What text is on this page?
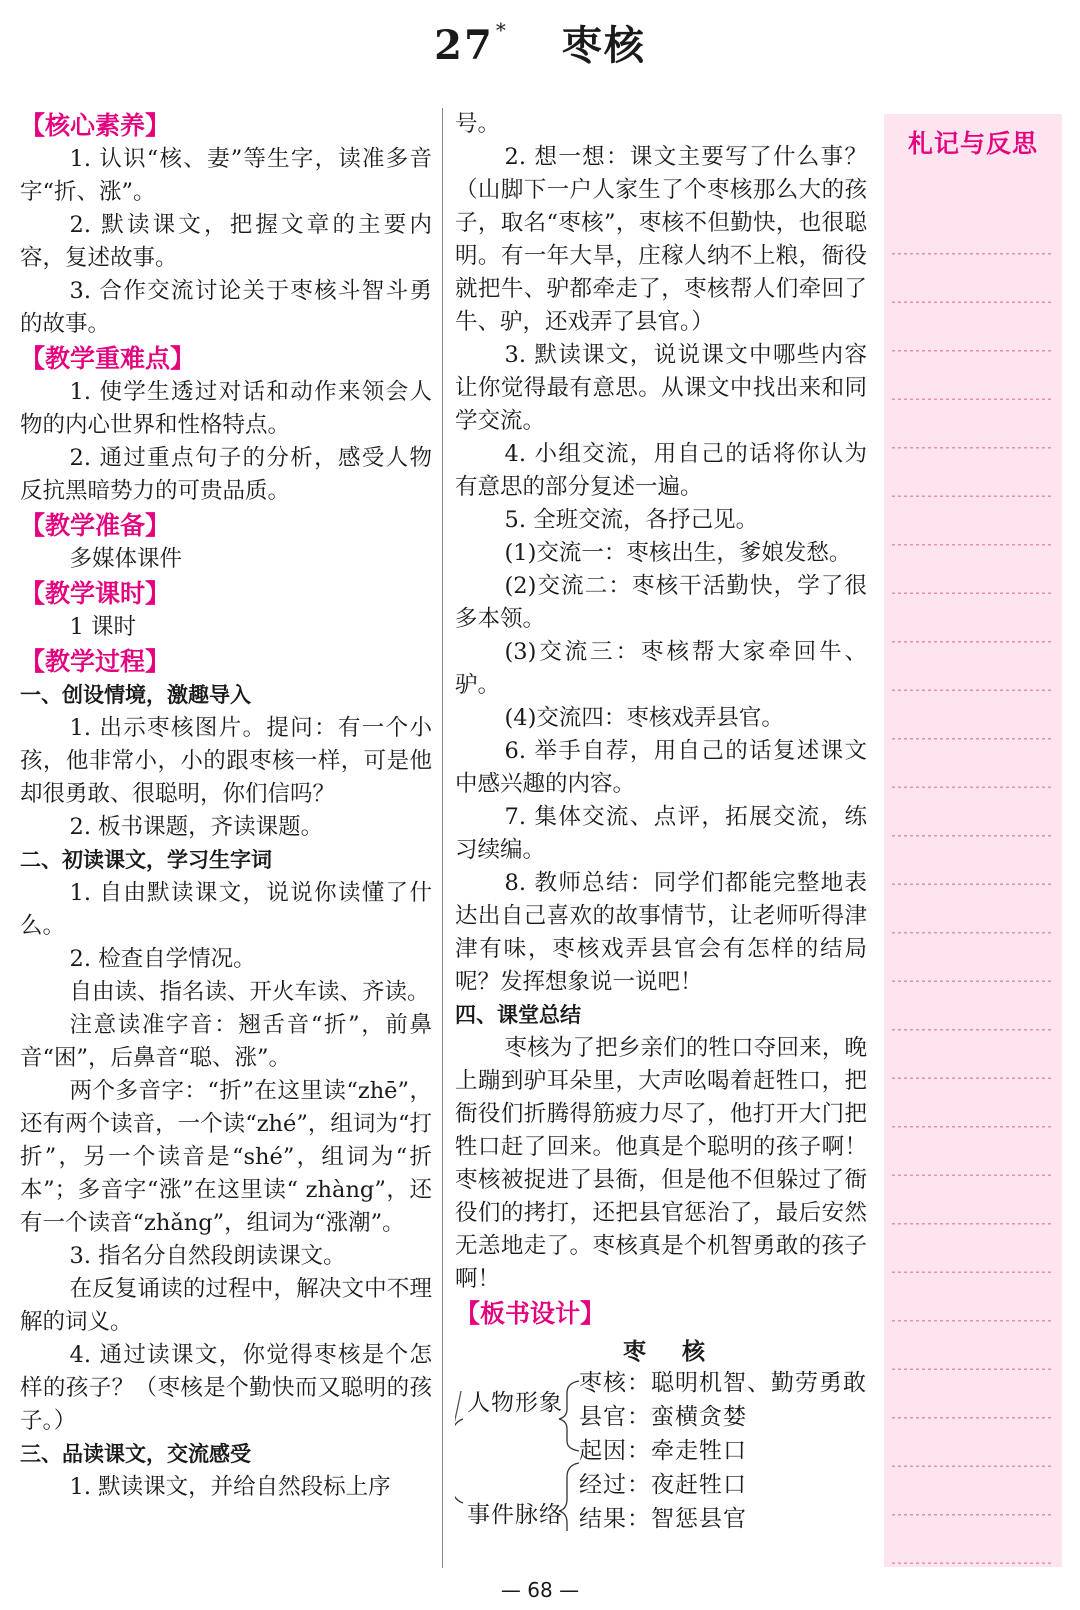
27 * 枣核

【核心素养】

1. 认识“核、妻”等生字，读准多音字“折、涨”。

2. 默读课文，把握文章的主要内容，复述故事。

3. 合作交流讨论关于枣核斗智斗勇的故事。

【教学重难点】

1. 使学生透过对话和动作来领会人物的内心世界和性格特点。

2. 通过重点句子的分析，感受人物反抗黑暗势力的可贵品质。

【教学准备】

多媒体课件

【教学课时】

1 课时

【教学过程】

一、创设情境，激趣导入

1. 出示枣核图片。提问：有一个小孩，他非常小，小的跟枣核一样，可是他却很勇敢、很聪明，你们信吗？

2. 板书课题，齐读课题。

二、初读课文，学习生字词

1. 自由默读课文，说说你读懂了什么。

2. 检查自学情况。

自由读、指名读、开火车读、齐读。

注意读准字音：翘舌音“折”，前鼻音“困”，后鼻音“聪、涨”。

两个多音字：“折”在这里读“zhē”，还有两个读音，一个读“zhé”，组词为“打折”，另一个读音是“shé”，组词为“折本”；多音字“涨”在这里读“ zhàng”，还有一个读音“zhǎng”，组词为“涨潮”。

3. 指名分自然段朗读课文。

在反复诵读的过程中，解决文中不理解的词义。

4. 通过读课文，你觉得枣核是个怎样的孩子？（枣核是个勤快而又聪明的孩子。）

三、品读课文，交流感受

1. 默读课文，并给自然段标上序

号。

2. 想一想：课文主要写了什么事？（山脚下一户人家生了个枣核那么大的孩子，取名“枣核”，枣核不但勤快，也很聪明。有一年大旱，庄稼人纳不上粮，衙役就把牛、驴都牵走了，枣核帮人们牵回了牛、驴，还戏弄了县官。）

3. 默读课文，说说课文中哪些内容让你觉得最有意思。从课文中找出来和同学交流。

4. 小组交流，用自己的话将你认为有意思的部分复述一遍。

5. 全班交流，各抒己见。

(1)交流一：枣核出生，爹娘发愁。

(2)交流二：枣核干活勤快，学了很多本领。

(3)交流三：枣核帮大家牵回牛、驴。

(4)交流四：枣核戏弄县官。

6. 举手自荐，用自己的话复述课文中感兴趣的内容。

7. 集体交流、点评，拓展交流，练习续编。

8. 教师总结：同学们都能完整地表达出自己喜欢的故事情节，让老师听得津津有味，枣核戏弄县官会有怎样的结局呢？发挥想象说一说吧！

四、课堂总结

枣核为了把乡亲们的牲口夺回来，晚上蹦到驴耳朵里，大声吆喝着赶牲口，把衙役们折腾得筋疲力尽了，他打开大门把牲口赶了回来。他真是个聪明的孩子啊！枣核被捉进了县衙，但是他不但躲过了衙役们的拷打，还把县官惩治了，最后安然无恙地走了。枣核真是个机智勇敢的孩子啊！

【板书设计】

枣 核
人物形象
事件脉络
枣核：聪明机智、勤劳勇敢
县官：蛮横贪婪
起因：牵走牲口
经过：夜赶牲口
结果：智惩县官
札记与反思
— 68 —
